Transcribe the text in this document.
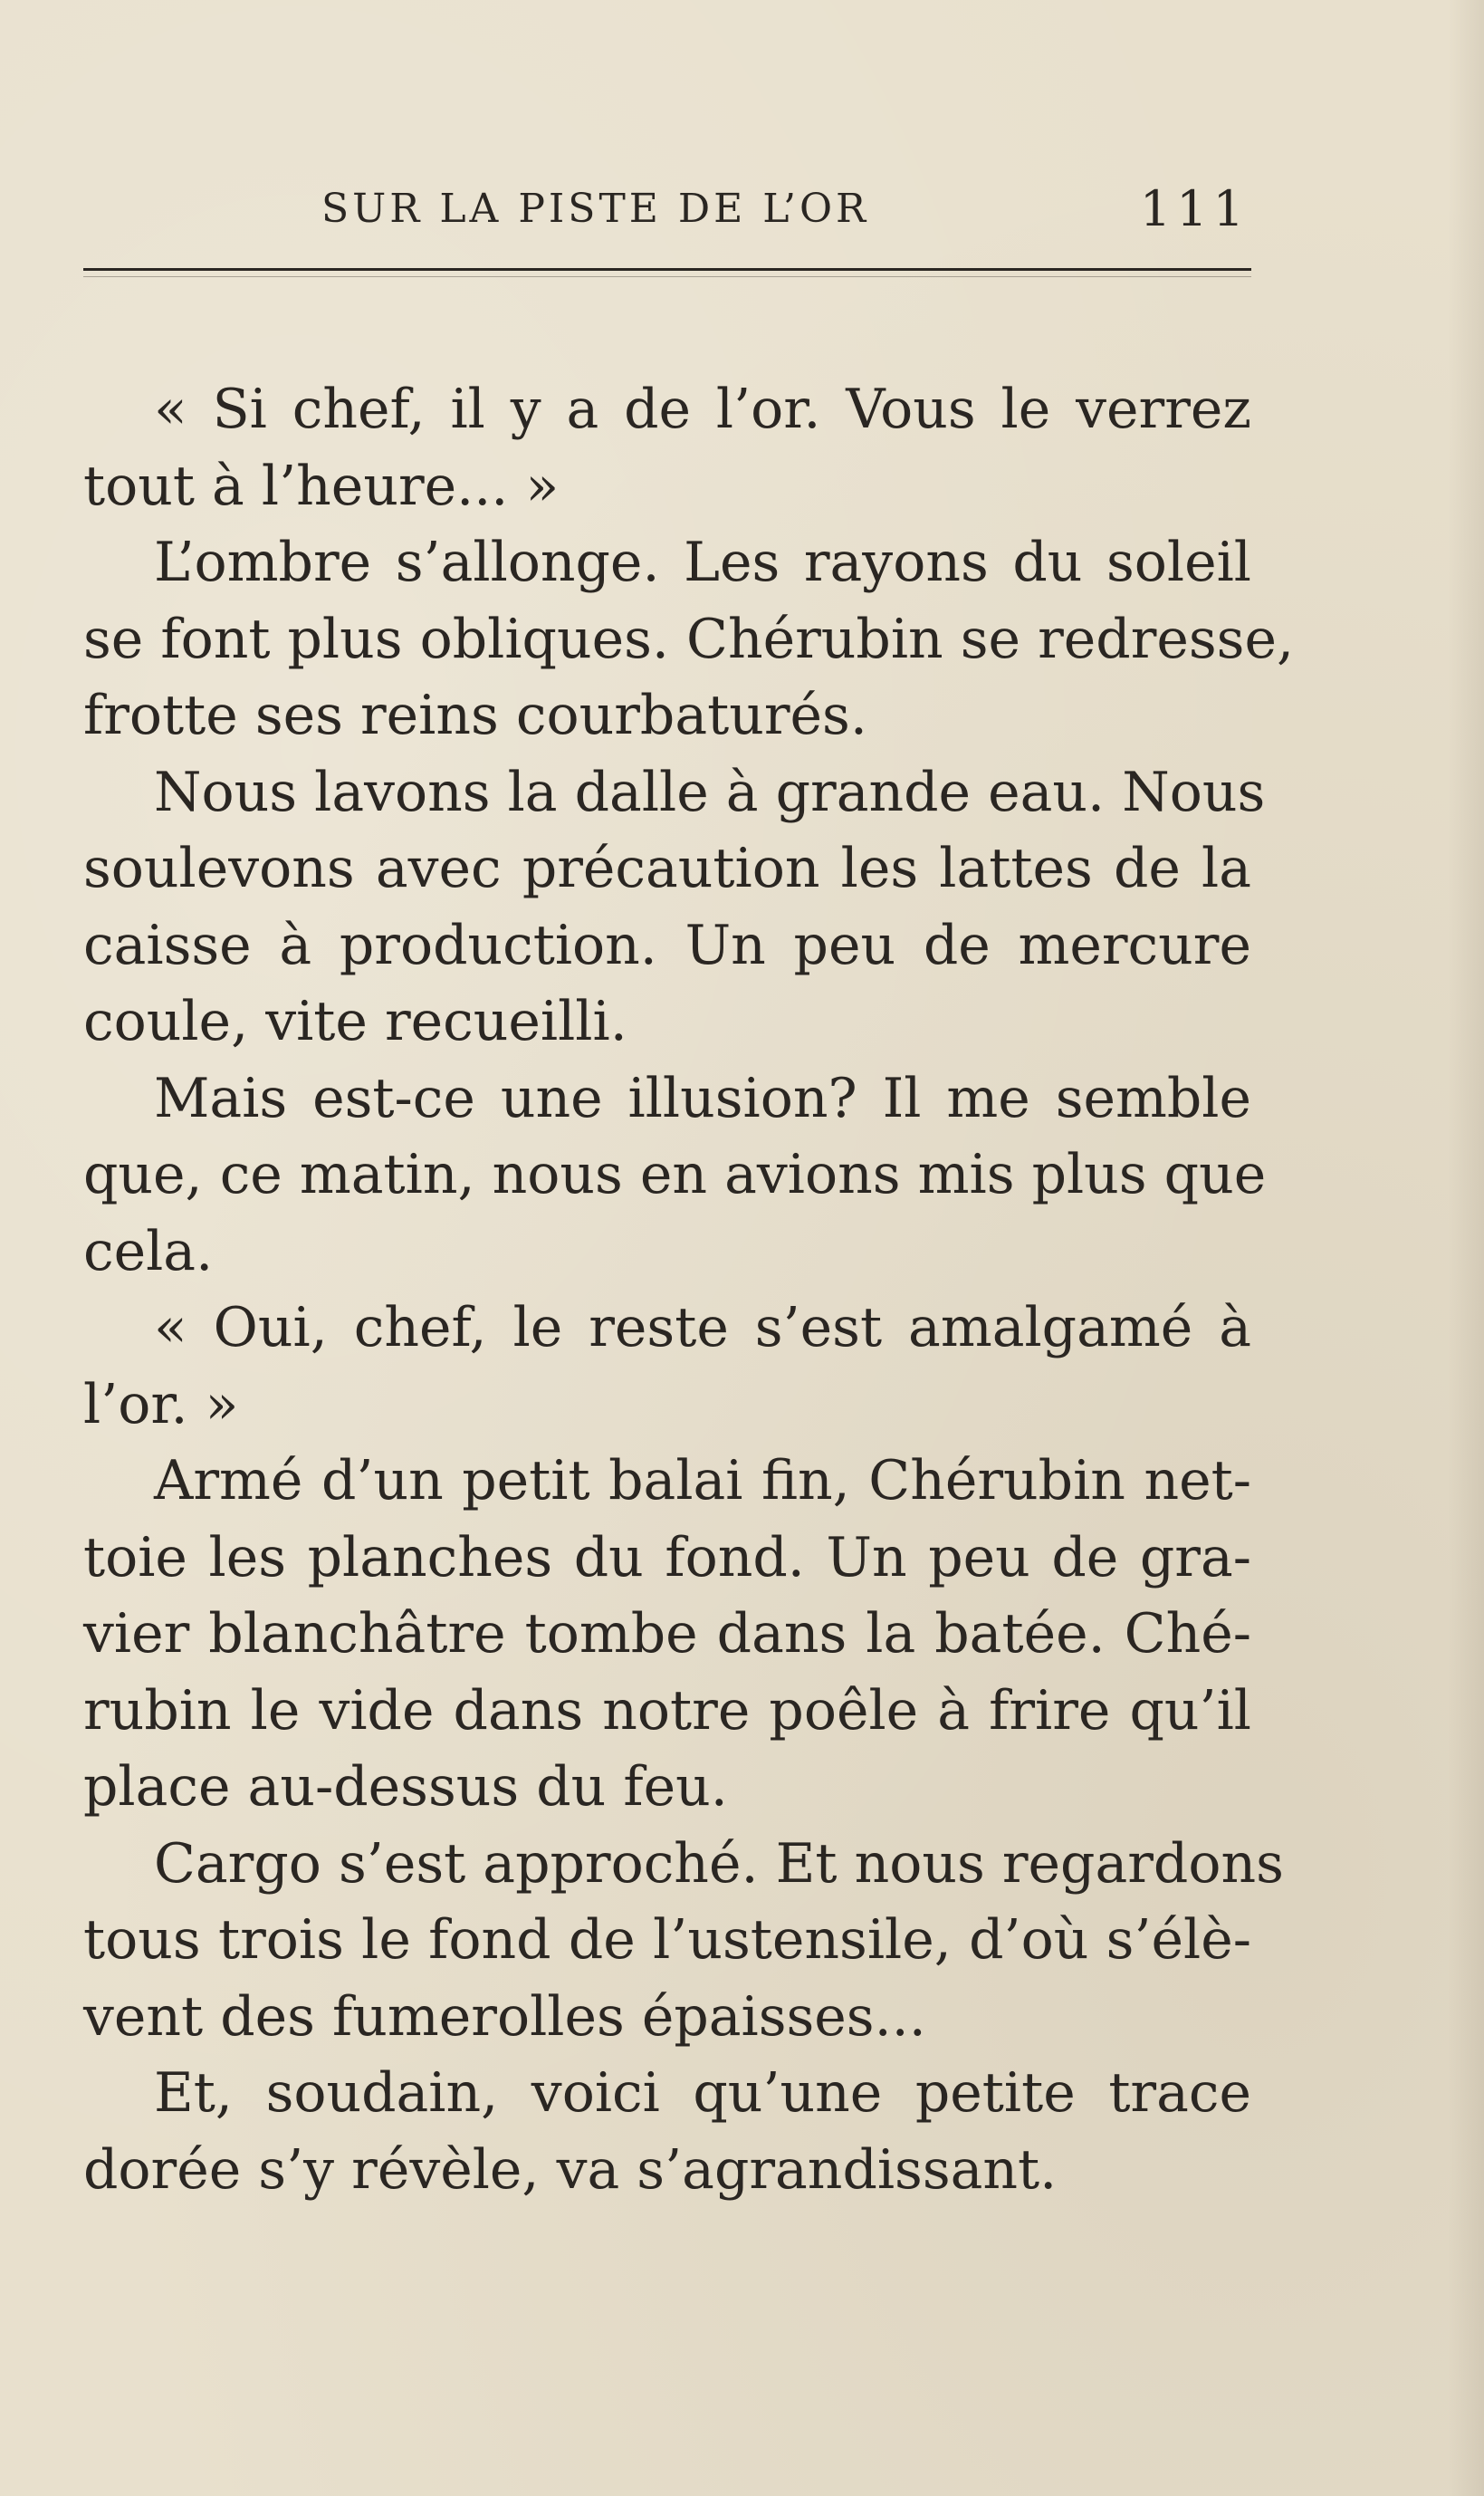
SUR LA PISTE DE L’OR	111
« Si chef, il y a de l’or. Vous le verrez
tout à l’heure... »
L’ombre s’allonge. Les rayons du soleil
se font plus obliques. Chérubin se redresse,
frotte ses reins courbaturés.
Nous lavons la dalle à grande eau. Nous
soulevons avec précaution les lattes de la
caisse à production. Un peu de mercure
coule, vite recueilli.
Mais est-ce une illusion? Il me semble
que, ce matin, nous en avions mis plus que
cela.
« Oui, chef, le reste s’est amalgamé à
l’or. »
Armé d’un petit balai fin, Chérubin net-
toie les planches du fond. Un peu de gra-
vier blanchâtre tombe dans la batée. Ché-
rubin le vide dans notre poêle à frire qu’il
place au-dessus du feu.
Cargo s’est approché. Et nous regardons
tous trois le fond de l’ustensile, d’où s’élè-
vent des fumerolles épaisses...
Et, soudain, voici qu’une petite trace
dorée s’y révèle, va s’agrandissant.
